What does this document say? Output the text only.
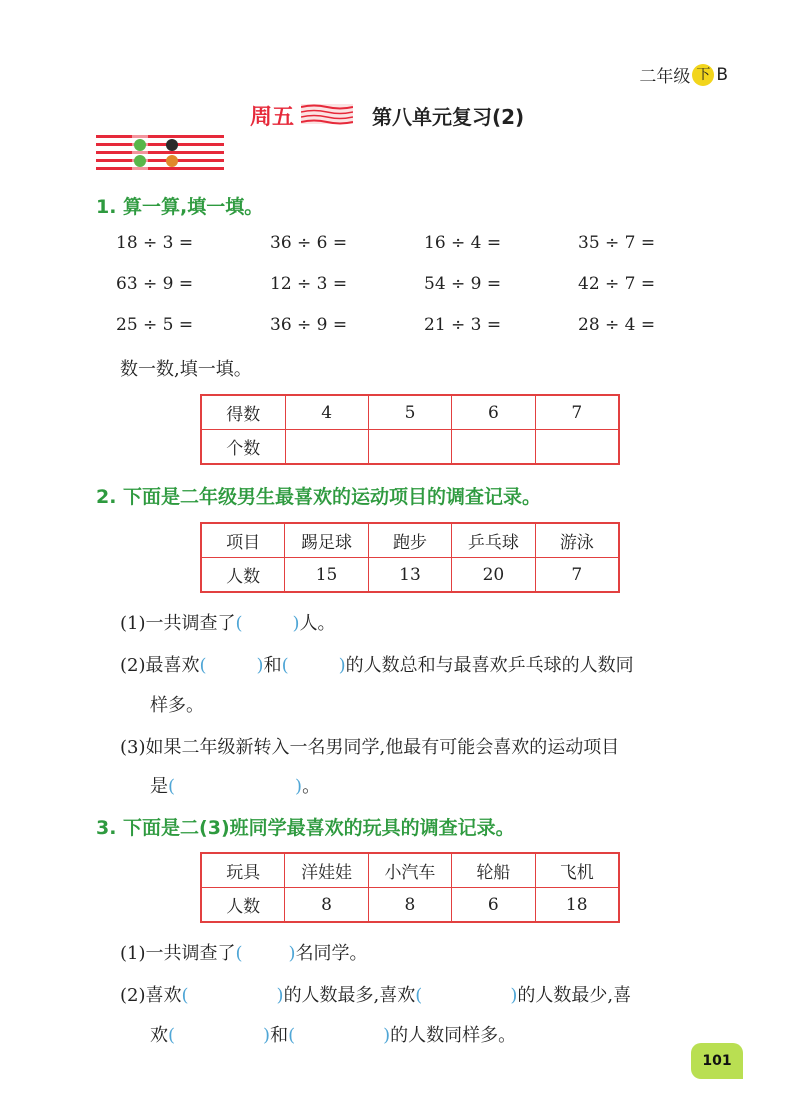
二年级 下 B
周五	第八单元复习(2)
1. 算一算,填一填。
18 ÷ 3 =	36 ÷ 6 =	16 ÷ 4 =	35 ÷ 7 =
63 ÷ 9 =	12 ÷ 3 =	54 ÷ 9 =	42 ÷ 7 =
25 ÷ 5 =	36 ÷ 9 =	21 ÷ 3 =	28 ÷ 4 =
数一数,填一填。
得数	4	5	6	7
个数				
2. 下面是二年级男生最喜欢的运动项目的调查记录。
项目	踢足球	跑步	乒乓球	游泳
人数	15	13	20	7
(1)一共调查了(	)人。
(2)最喜欢(	)和(	)的人数总和与最喜欢乒乓球的人数同
样多。
(3)如果二年级新转入一名男同学,他最有可能会喜欢的运动项目
是(	)。
3. 下面是二(3)班同学最喜欢的玩具的调查记录。
玩具	洋娃娃	小汽车	轮船	飞机
人数	8	8	6	18
(1)一共调查了(	)名同学。
(2)喜欢(	)的人数最多,喜欢(	)的人数最少,喜
欢(	)和(	)的人数同样多。
101
